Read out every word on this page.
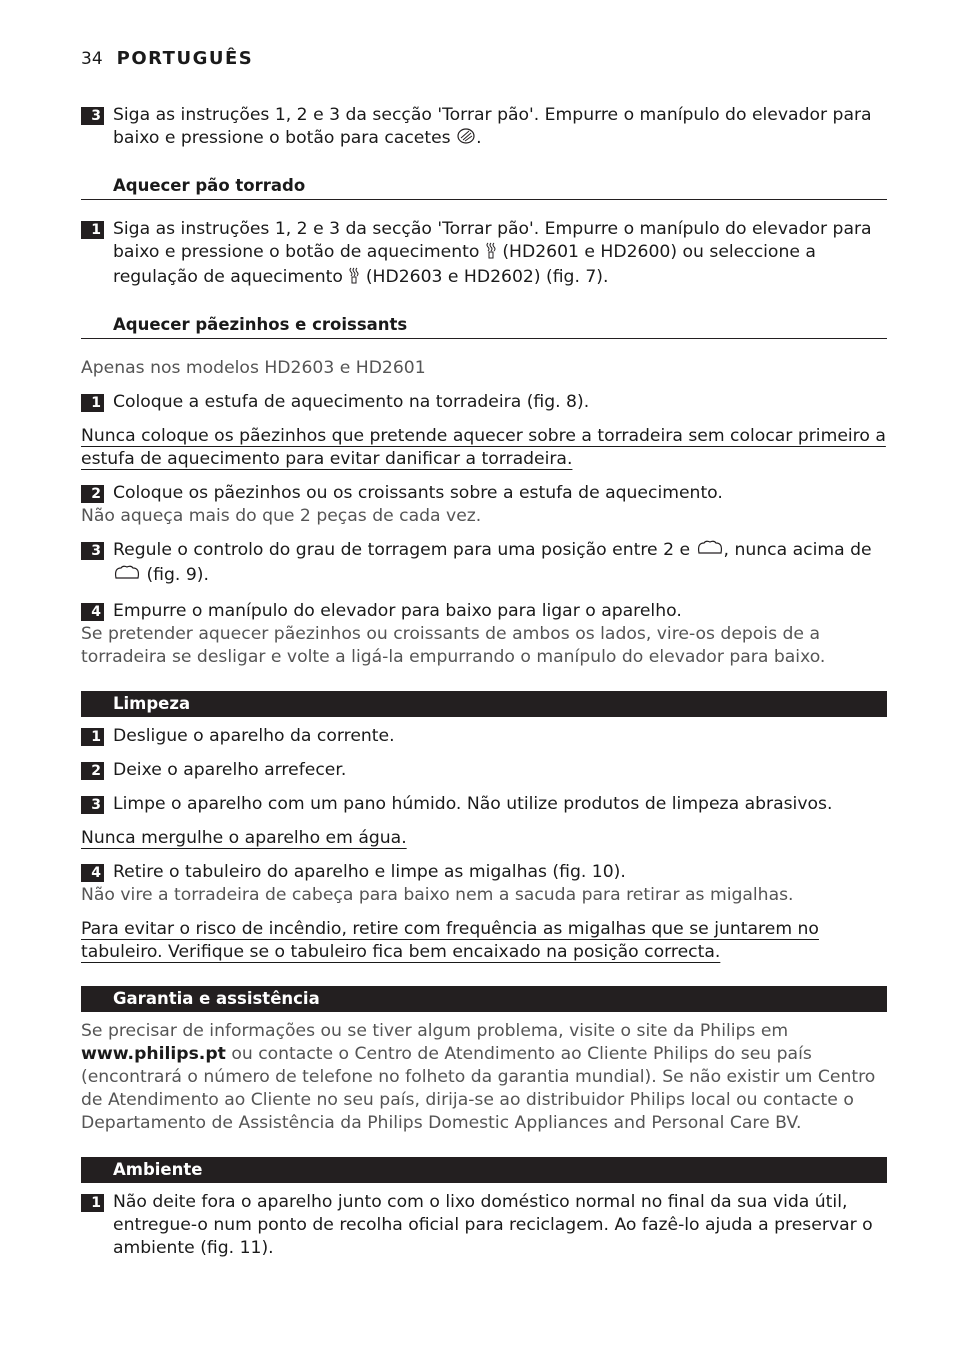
34 PORTUGUÊS
3 Siga as instruções 1, 2 e 3 da secção 'Torrar pão'. Empurre o manípulo do elevador para baixo e pressione o botão para cacetes .
Aquecer pão torrado
1 Siga as instruções 1, 2 e 3 da secção 'Torrar pão'. Empurre o manípulo do elevador para baixo e pressione o botão de aquecimento (HD2601 e HD2600) ou seleccione a regulação de aquecimento (HD2603 e HD2602) (fig. 7).
Aquecer pãezinhos e croissants
Apenas nos modelos HD2603 e HD2601
1 Coloque a estufa de aquecimento na torradeira (fig. 8).
Nunca coloque os pãezinhos que pretende aquecer sobre a torradeira sem colocar primeiro a estufa de aquecimento para evitar danificar a torradeira.
2 Coloque os pãezinhos ou os croissants sobre a estufa de aquecimento.
Não aqueça mais do que 2 peças de cada vez.
3 Regule o controlo do grau de torragem para uma posição entre 2 e , nunca acima de  (fig. 9).
4 Empurre o manípulo do elevador para baixo para ligar o aparelho.
Se pretender aquecer pãezinhos ou croissants de ambos os lados, vire-os depois de a torradeira se desligar e volte a ligá-la empurrando o manípulo do elevador para baixo.
Limpeza
1 Desligue o aparelho da corrente.
2 Deixe o aparelho arrefecer.
3 Limpe o aparelho com um pano húmido. Não utilize produtos de limpeza abrasivos.
Nunca mergulhe o aparelho em água.
4 Retire o tabuleiro do aparelho e limpe as migalhas (fig. 10).
Não vire a torradeira de cabeça para baixo nem a sacuda para retirar as migalhas.
Para evitar o risco de incêndio, retire com frequência as migalhas que se juntarem no tabuleiro. Verifique se o tabuleiro fica bem encaixado na posição correcta.
Garantia e assistência
Se precisar de informações ou se tiver algum problema, visite o site da Philips em www.philips.pt ou contacte o Centro de Atendimento ao Cliente Philips do seu país (encontrará o número de telefone no folheto da garantia mundial). Se não existir um Centro de Atendimento ao Cliente no seu país, dirija-se ao distribuidor Philips local ou contacte o Departamento de Assistência da Philips Domestic Appliances and Personal Care BV.
Ambiente
1 Não deite fora o aparelho junto com o lixo doméstico normal no final da sua vida útil, entregue-o num ponto de recolha oficial para reciclagem. Ao fazê-lo ajuda a preservar o ambiente (fig. 11).
